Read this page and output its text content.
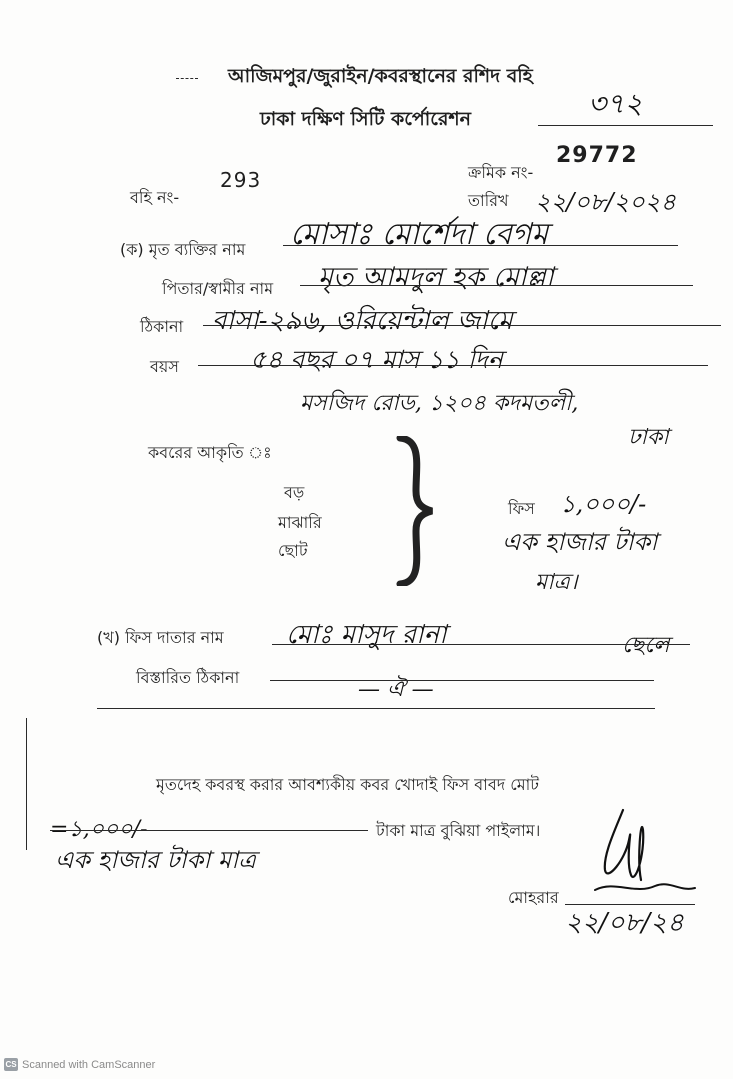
আজিমপুর/জুরাইন/কবরস্থানের রশিদ বহি
ঢাকা দক্ষিণ সিটি কর্পোরেশন	৩৭২
ক্রমিক নং-
29772
তারিখ ২২/০৮/২০২৪
293
বহি নং-
(ক) মৃত ব্যক্তির নাম মোসাঃ মোর্শেদা বেগম
পিতার/স্বামীর নাম মৃত আমদুল হক মোল্লা
ঠিকানা বাসা-২৯৬, ওরিয়েন্টাল জামে
বয়স	৫৪ বছর ০৭ মাস ১১ দিন
মসজিদ রোড, ১২০৪ কদমতলী,
ঢাকা
কবরের আকৃতি ঃ
বড়
মাঝারি
ছোট
ফিস ১,০০০/-
এক হাজার টাকা
মাত্র।
(খ) ফিস দাতার নাম মোঃ মাসুদ রানা	ছেলে
বিস্তারিত ঠিকানা	— ঐ —
মৃতদেহ কবরস্থ করার আবশ্যকীয় কবর খোদাই ফিস বাবদ মোট
=১,০০০/-	টাকা মাত্র বুঝিয়া পাইলাম।
এক হাজার টাকা মাত্র
মোহরার
২২/০৮/২৪
CS Scanned with CamScanner
